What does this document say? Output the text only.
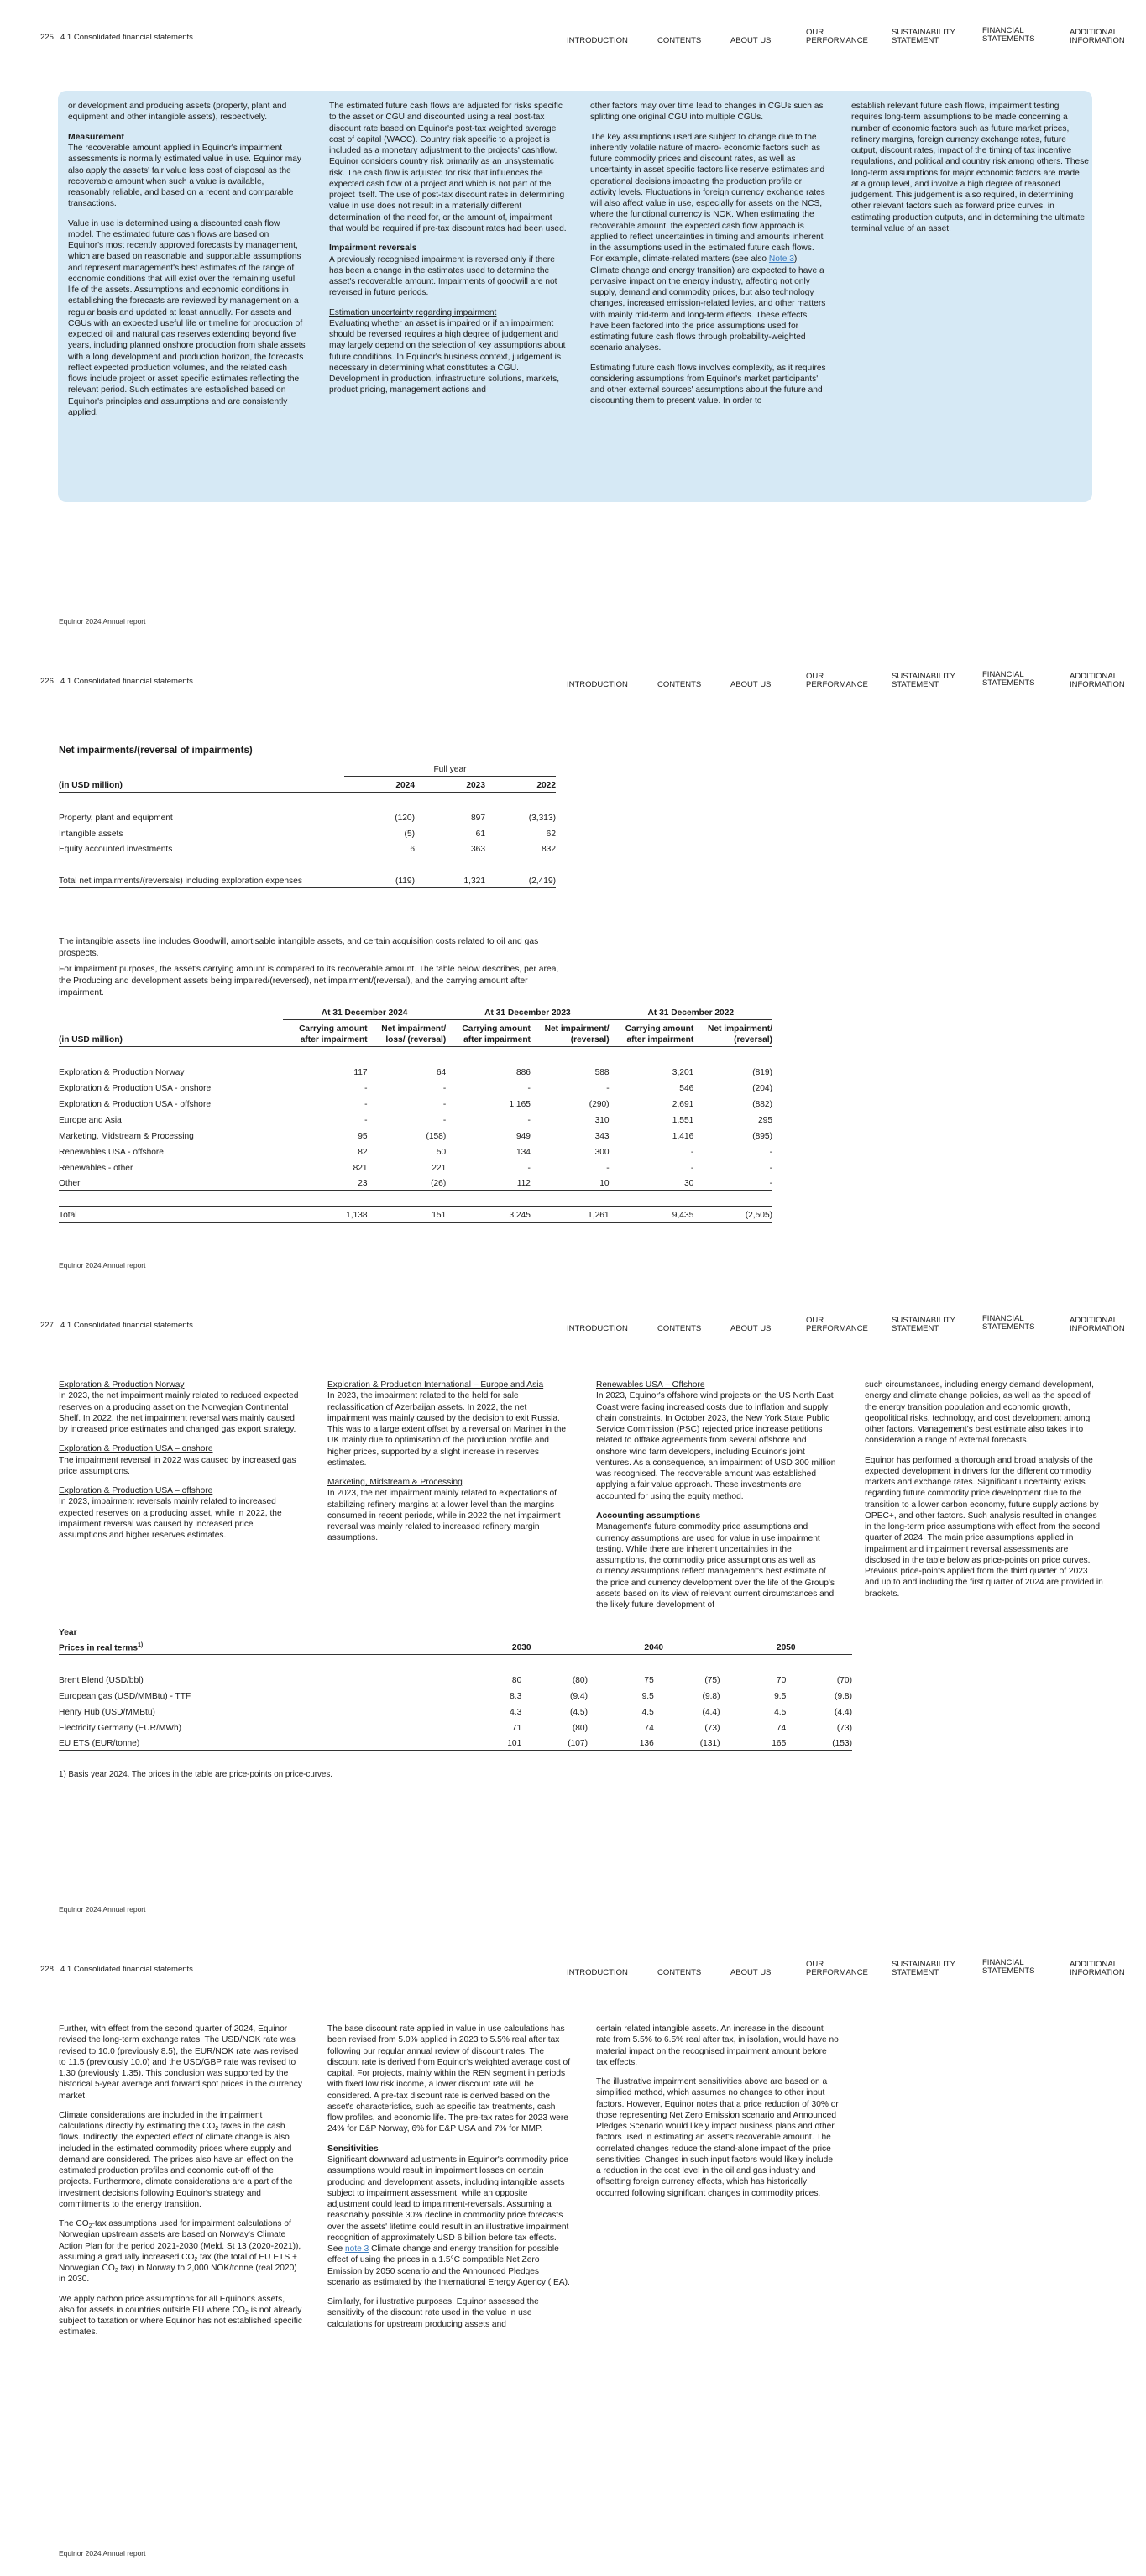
225 4.1 Consolidated financial statements	INTRODUCTION	CONTENTS	ABOUT US
OUR
PERFORMANCE
SUSTAINABILITY
STATEMENT
FINANCIAL
STATEMENTS
ADDITIONAL
INFORMATION

or development and producing assets (property, plant and equipment and other intangible assets), respectively.

Measurement

The recoverable amount applied in Equinor's impairment assessments is normally estimated value in use. Equinor may also apply the assets' fair value less cost of disposal as the recoverable amount when such a value is available, reasonably reliable, and based on a recent and comparable transactions.

Value in use is determined using a discounted cash flow model. The estimated future cash flows are based on Equinor's most recently approved forecasts by management, which are based on reasonable and supportable assumptions and represent management's best estimates of the range of economic conditions that will exist over the remaining useful life of the assets. Assumptions and economic conditions in establishing the forecasts are reviewed by management on a regular basis and updated at least annually. For assets and CGUs with an expected useful life or timeline for production of expected oil and natural gas reserves extending beyond five years, including planned onshore production from shale assets with a long development and production horizon, the forecasts reflect expected production volumes, and the related cash flows include project or asset specific estimates reflecting the relevant period. Such estimates are established based on Equinor's principles and assumptions and are consistently applied.

The estimated future cash flows are adjusted for risks specific to the asset or CGU and discounted using a real post-tax discount rate based on Equinor's post-tax weighted average cost of capital (WACC). Country risk specific to a project is included as a monetary adjustment to the projects' cashflow. Equinor considers country risk primarily as an unsystematic risk. The cash flow is adjusted for risk that influences the expected cash flow of a project and which is not part of the project itself. The use of post-tax discount rates in determining value in use does not result in a materially different determination of the need for, or the amount of, impairment that would be required if pre-tax discount rates had been used.

Impairment reversals

A previously recognised impairment is reversed only if there has been a change in the estimates used to determine the asset's recoverable amount. Impairments of goodwill are not reversed in future periods.

Estimation uncertainty regarding impairment

Evaluating whether an asset is impaired or if an impairment should be reversed requires a high degree of judgement and may largely depend on the selection of key assumptions about future conditions. In Equinor's business context, judgement is necessary in determining what constitutes a CGU. Development in production, infrastructure solutions, markets, product pricing, management actions and

other factors may over time lead to changes in CGUs such as splitting one original CGU into multiple CGUs.

The key assumptions used are subject to change due to the inherently volatile nature of macro- economic factors such as future commodity prices and discount rates, as well as uncertainty in asset specific factors like reserve estimates and operational decisions impacting the production profile or activity levels. Fluctuations in foreign currency exchange rates will also affect value in use, especially for assets on the NCS, where the functional currency is NOK. When estimating the recoverable amount, the expected cash flow approach is applied to reflect uncertainties in timing and amounts inherent in the assumptions used in the estimated future cash flows. For example, climate-related matters (see also Note 3) Climate change and energy transition) are expected to have a pervasive impact on the energy industry, affecting not only supply, demand and commodity prices, but also technology changes, increased emission-related levies, and other matters with mainly mid-term and long-term effects. These effects have been factored into the price assumptions used for estimating future cash flows through probability-weighted scenario analyses.

Estimating future cash flows involves complexity, as it requires considering assumptions from Equinor's market participants' and other external sources' assumptions about the future and discounting them to present value. In order to

establish relevant future cash flows, impairment testing requires long-term assumptions to be made concerning a number of economic factors such as future market prices, refinery margins, foreign currency exchange rates, future output, discount rates, impact of the timing of tax incentive regulations, and political and country risk among others. These long-term assumptions for major economic factors are made at a group level, and involve a high degree of reasoned judgement. This judgement is also required, in determining other relevant factors such as forward price curves, in estimating production outputs, and in determining the ultimate terminal value of an asset.

Equinor 2024 Annual report
226 4.1 Consolidated financial statements	INTRODUCTION	CONTENTS	ABOUT US
OUR
PERFORMANCE
SUSTAINABILITY
STATEMENT
FINANCIAL
STATEMENTS
ADDITIONAL
INFORMATION
Net impairments/(reversal of impairments)
	Full year		
(in USD million)	2024	2023	2022

Property, plant and equipment	(120)	897	(3,313)
Intangible assets	(5)	61	62
Equity accounted investments	6	363	832

Total net impairments/(reversals) including exploration expenses	(119)	1,321	(2,419)
The intangible assets line includes Goodwill, amortisable intangible assets, and certain acquisition costs related to oil and gas prospects.
For impairment purposes, the asset's carrying amount is compared to its recoverable amount. The table below describes, per area, the Producing and development assets being impaired/(reversed), net impairment/(reversal), and the carrying amount after impairment.
	At 31 December 2024		At 31 December 2023		At 31 December 2022	
(in USD million)	Carrying amount after impairment	Net impairment/ loss/ (reversal)	Carrying amount after impairment	Net impairment/ (reversal)	Carrying amount after impairment	Net impairment/ (reversal)

Exploration & Production Norway	117	64	886	588	3,201	(819)
Exploration & Production USA - onshore	-	-	-	-	546	(204)
Exploration & Production USA - offshore	-	-	1,165	(290)	2,691	(882)
Europe and Asia	-	-	-	310	1,551	295
Marketing, Midstream & Processing	95	(158)	949	343	1,416	(895)
Renewables USA - offshore	82	50	134	300	-	-
Renewables - other	821	221	-	-	-	-
Other	23	(26)	112	10	30	-

Total	1,138	151	3,245	1,261	9,435	(2,505)
Equinor 2024 Annual report
227 4.1 Consolidated financial statements	INTRODUCTION	CONTENTS	ABOUT US
OUR
PERFORMANCE
SUSTAINABILITY
STATEMENT
FINANCIAL
STATEMENTS
ADDITIONAL
INFORMATION
Exploration & Production Norway

In 2023, the net impairment mainly related to reduced expected reserves on a producing asset on the Norwegian Continental Shelf. In 2022, the net impairment reversal was mainly caused by increased price estimates and changed gas export strategy.

Exploration & Production USA – onshore

The impairment reversal in 2022 was caused by increased gas price assumptions.

Exploration & Production USA – offshore

In 2023, impairment reversals mainly related to increased expected reserves on a producing asset, while in 2022, the impairment reversal was caused by increased price assumptions and higher reserves estimates.

Exploration & Production International – Europe and Asia

In 2023, the impairment related to the held for sale reclassification of Azerbaijan assets. In 2022, the net impairment was mainly caused by the decision to exit Russia. This was to a large extent offset by a reversal on Mariner in the UK mainly due to optimisation of the production profile and higher prices, supported by a slight increase in reserves estimates.

Marketing, Midstream & Processing

In 2023, the net impairment mainly related to expectations of stabilizing refinery margins at a lower level than the margins consumed in recent periods, while in 2022 the net impairment reversal was mainly related to increased refinery margin assumptions.

Renewables USA – Offshore

In 2023, Equinor's offshore wind projects on the US North East Coast were facing increased costs due to inflation and supply chain constraints. In October 2023, the New York State Public Service Commission (PSC) rejected price increase petitions related to offtake agreements from several offshore and onshore wind farm developers, including Equinor's joint ventures. As a consequence, an impairment of USD 300 million was recognised. The recoverable amount was established applying a fair value approach. These investments are accounted for using the equity method.

Accounting assumptions

Management's future commodity price assumptions and currency assumptions are used for value in use impairment testing. While there are inherent uncertainties in the assumptions, the commodity price assumptions as well as currency assumptions reflect management's best estimate of the price and currency development over the life of the Group's assets based on its view of relevant current circumstances and the likely future development of

such circumstances, including energy demand development, energy and climate change policies, as well as the speed of the energy transition population and economic growth, geopolitical risks, technology, and cost development among other factors. Management's best estimate also takes into consideration a range of external forecasts.

Equinor has performed a thorough and broad analysis of the expected development in drivers for the different commodity markets and exchange rates. Significant uncertainty exists regarding future commodity price development due to the transition to a lower carbon economy, future supply actions by OPEC+, and other factors. Such analysis resulted in changes in the long-term price assumptions with effect from the second quarter of 2024. The main price assumptions applied in impairment and impairment reversal assessments are disclosed in the table below as price-points on price curves. Previous price-points applied from the third quarter of 2023 and up to and including the first quarter of 2024 are provided in brackets.

Year						
Prices in real terms$^{1)}$	2030		2040		2050	

Brent Blend (USD/bbl)	80	(80)	75	(75)	70	(70)
European gas (USD/MMBtu) - TTF	8.3	(9.4)	9.5	(9.8)	9.5	(9.8)
Henry Hub (USD/MMBtu)	4.3	(4.5)	4.5	(4.4)	4.5	(4.4)
Electricity Germany (EUR/MWh)	71	(80)	74	(73)	74	(73)
EU ETS (EUR/tonne)	101	(107)	136	(131)	165	(153)
1) Basis year 2024. The prices in the table are price-points on price-curves.
Equinor 2024 Annual report
228 4.1 Consolidated financial statements	INTRODUCTION	CONTENTS	ABOUT US
OUR
PERFORMANCE
SUSTAINABILITY
STATEMENT
FINANCIAL
STATEMENTS
ADDITIONAL
INFORMATION

Further, with effect from the second quarter of 2024, Equinor revised the long-term exchange rates. The USD/NOK rate was revised to 10.0 (previously 8.5), the EUR/NOK rate was revised to 11.5 (previously 10.0) and the USD/GBP rate was revised to 1.30 (previously 1.35). This conclusion was supported by the historical 5-year average and forward spot prices in the currency market.

Climate considerations are included in the impairment calculations directly by estimating the $CO_2$ taxes in the cash flows. Indirectly, the expected effect of climate change is also included in the estimated commodity prices where supply and demand are considered. The prices also have an effect on the estimated production profiles and economic cut-off of the projects. Furthermore, climate considerations are a part of the investment decisions following Equinor's strategy and commitments to the energy transition.

The $CO_2$-tax assumptions used for impairment calculations of Norwegian upstream assets are based on Norway's Climate Action Plan for the period 2021-2030 (Meld. St 13 (2020-2021)), assuming a gradually increased $CO_2$ tax (the total of EU ETS + Norwegian $CO_2$ tax) in Norway to 2,000 NOK/tonne (real 2020) in 2030.

We apply carbon price assumptions for all Equinor's assets, also for assets in countries outside EU where $CO_2$ is not already subject to taxation or where Equinor has not established specific estimates.

The base discount rate applied in value in use calculations has been revised from 5.0% applied in 2023 to 5.5% real after tax following our regular annual review of discount rates. The discount rate is derived from Equinor's weighted average cost of capital. For projects, mainly within the REN segment in periods with fixed low risk income, a lower discount rate will be considered. A pre-tax discount rate is derived based on the asset's characteristics, such as specific tax treatments, cash flow profiles, and economic life. The pre-tax rates for 2023 were 24% for E&P Norway, 6% for E&P USA and 7% for MMP.

Sensitivities

Significant downward adjustments in Equinor's commodity price assumptions would result in impairment losses on certain producing and development assets, including intangible assets subject to impairment assessment, while an opposite adjustment could lead to impairment-reversals. Assuming a reasonably possible 30% decline in commodity price forecasts over the assets' lifetime could result in an illustrative impairment recognition of approximately USD 6 billion before tax effects. See note 3 Climate change and energy transition for possible effect of using the prices in a 1.5°C compatible Net Zero Emission by 2050 scenario and the Announced Pledges scenario as estimated by the International Energy Agency (IEA).

Similarly, for illustrative purposes, Equinor assessed the sensitivity of the discount rate used in the value in use calculations for upstream producing assets and

certain related intangible assets. An increase in the discount rate from 5.5% to 6.5% real after tax, in isolation, would have no material impact on the recognised impairment amount before tax effects.

The illustrative impairment sensitivities above are based on a simplified method, which assumes no changes to other input factors. However, Equinor notes that a price reduction of 30% or those representing Net Zero Emission scenario and Announced Pledges Scenario would likely impact business plans and other factors used in estimating an asset's recoverable amount. The correlated changes reduce the stand-alone impact of the price sensitivities. Changes in such input factors would likely include a reduction in the cost level in the oil and gas industry and offsetting foreign currency effects, which has historically occurred following significant changes in commodity prices.

Equinor 2024 Annual report
